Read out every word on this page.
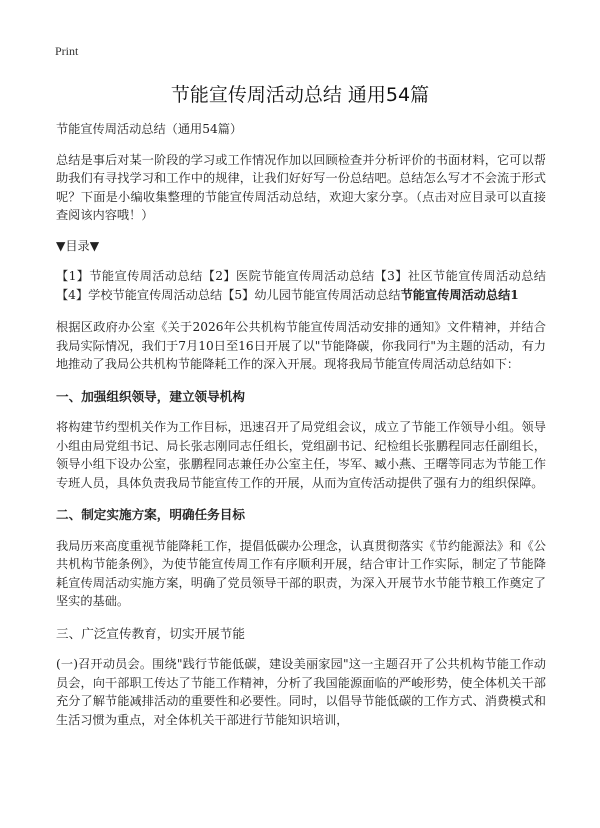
Print
节能宣传周活动总结 通用54篇

节能宣传周活动总结（通用54篇）

总结是事后对某一阶段的学习或工作情况作加以回顾检查并分析评价的书面材料，它可以帮助我们有寻找学习和工作中的规律，让我们好好写一份总结吧。总结怎么写才不会流于形式呢？下面是小编收集整理的节能宣传周活动总结，欢迎大家分享。（点击对应目录可以直接查阅该内容哦！）

▼目录▼

【1】节能宣传周活动总结【2】医院节能宣传周活动总结【3】社区节能宣传周活动总结【4】学校节能宣传周活动总结【5】幼儿园节能宣传周活动总结节能宣传周活动总结1

根据区政府办公室《关于2026年公共机构节能宣传周活动安排的通知》文件精神，并结合我局实际情况，我们于7月10日至16日开展了以"节能降碳，你我同行"为主题的活动，有力地推动了我局公共机构节能降耗工作的深入开展。现将我局节能宣传周活动总结如下：

一、加强组织领导，建立领导机构

将构建节约型机关作为工作目标，迅速召开了局党组会议，成立了节能工作领导小组。领导小组由局党组书记、局长张志刚同志任组长，党组副书记、纪检组长张鹏程同志任副组长，领导小组下设办公室，张鹏程同志兼任办公室主任，岑军、臧小燕、王曙等同志为节能工作专班人员，具体负责我局节能宣传工作的开展，从而为宣传活动提供了强有力的组织保障。

二、制定实施方案，明确任务目标

我局历来高度重视节能降耗工作，提倡低碳办公理念，认真贯彻落实《节约能源法》和《公共机构节能条例》，为使节能宣传周工作有序顺利开展，结合审计工作实际，制定了节能降耗宣传周活动实施方案，明确了党员领导干部的职责，为深入开展节水节能节粮工作奠定了坚实的基础。

三、广泛宣传教育，切实开展节能

(一)召开动员会。围绕"践行节能低碳，建设美丽家园"这一主题召开了公共机构节能工作动员会，向干部职工传达了节能工作精神，分析了我国能源面临的严峻形势，使全体机关干部充分了解节能减排活动的重要性和必要性。同时，以倡导节能低碳的工作方式、消费模式和生活习惯为重点，对全体机关干部进行节能知识培训，
